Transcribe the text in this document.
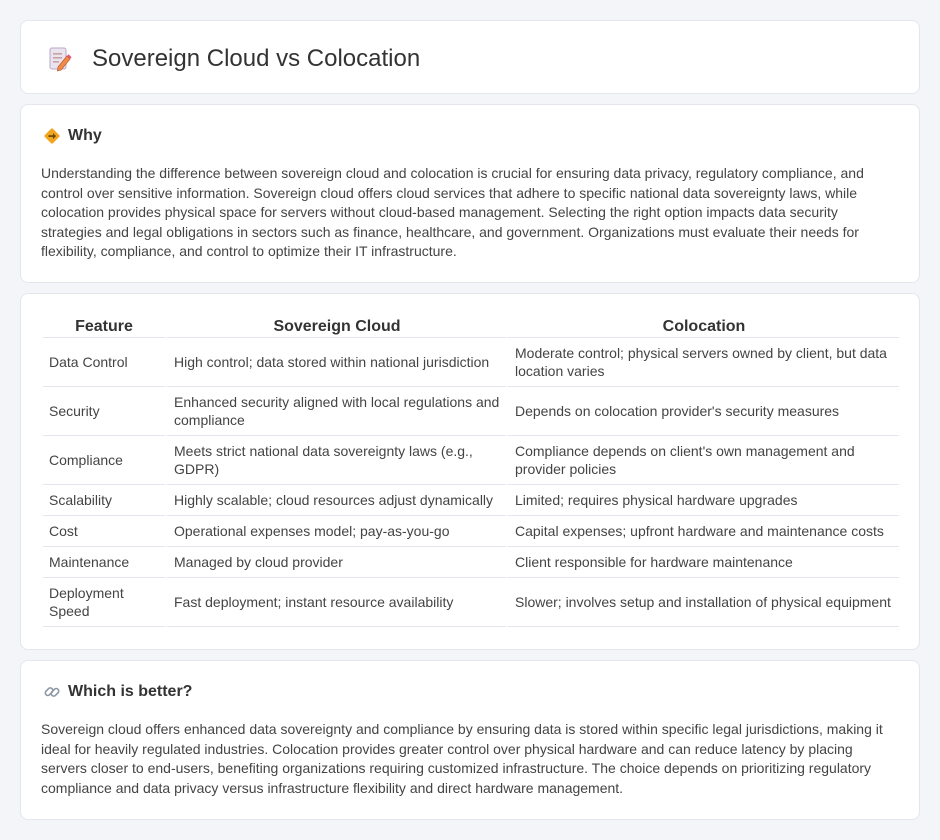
Sovereign Cloud vs Colocation
Why

Understanding the difference between sovereign cloud and colocation is crucial for ensuring data privacy, regulatory compliance, and control over sensitive information. Sovereign cloud offers cloud services that adhere to specific national data sovereignty laws, while colocation provides physical space for servers without cloud-based management. Selecting the right option impacts data security strategies and legal obligations in sectors such as finance, healthcare, and government. Organizations must evaluate their needs for flexibility, compliance, and control to optimize their IT infrastructure.

Feature	Sovereign Cloud	Colocation
Data Control	High control; data stored within national jurisdiction	Moderate control; physical servers owned by client, but data location varies
Security	Enhanced security aligned with local regulations and compliance	Depends on colocation provider's security measures
Compliance	Meets strict national data sovereignty laws (e.g., GDPR)	Compliance depends on client's own management and provider policies
Scalability	Highly scalable; cloud resources adjust dynamically	Limited; requires physical hardware upgrades
Cost	Operational expenses model; pay-as-you-go	Capital expenses; upfront hardware and maintenance costs
Maintenance	Managed by cloud provider	Client responsible for hardware maintenance
Deployment Speed	Fast deployment; instant resource availability	Slower; involves setup and installation of physical equipment
Which is better?

Sovereign cloud offers enhanced data sovereignty and compliance by ensuring data is stored within specific legal jurisdictions, making it ideal for heavily regulated industries. Colocation provides greater control over physical hardware and can reduce latency by placing servers closer to end-users, benefiting organizations requiring customized infrastructure. The choice depends on prioritizing regulatory compliance and data privacy versus infrastructure flexibility and direct hardware management.
